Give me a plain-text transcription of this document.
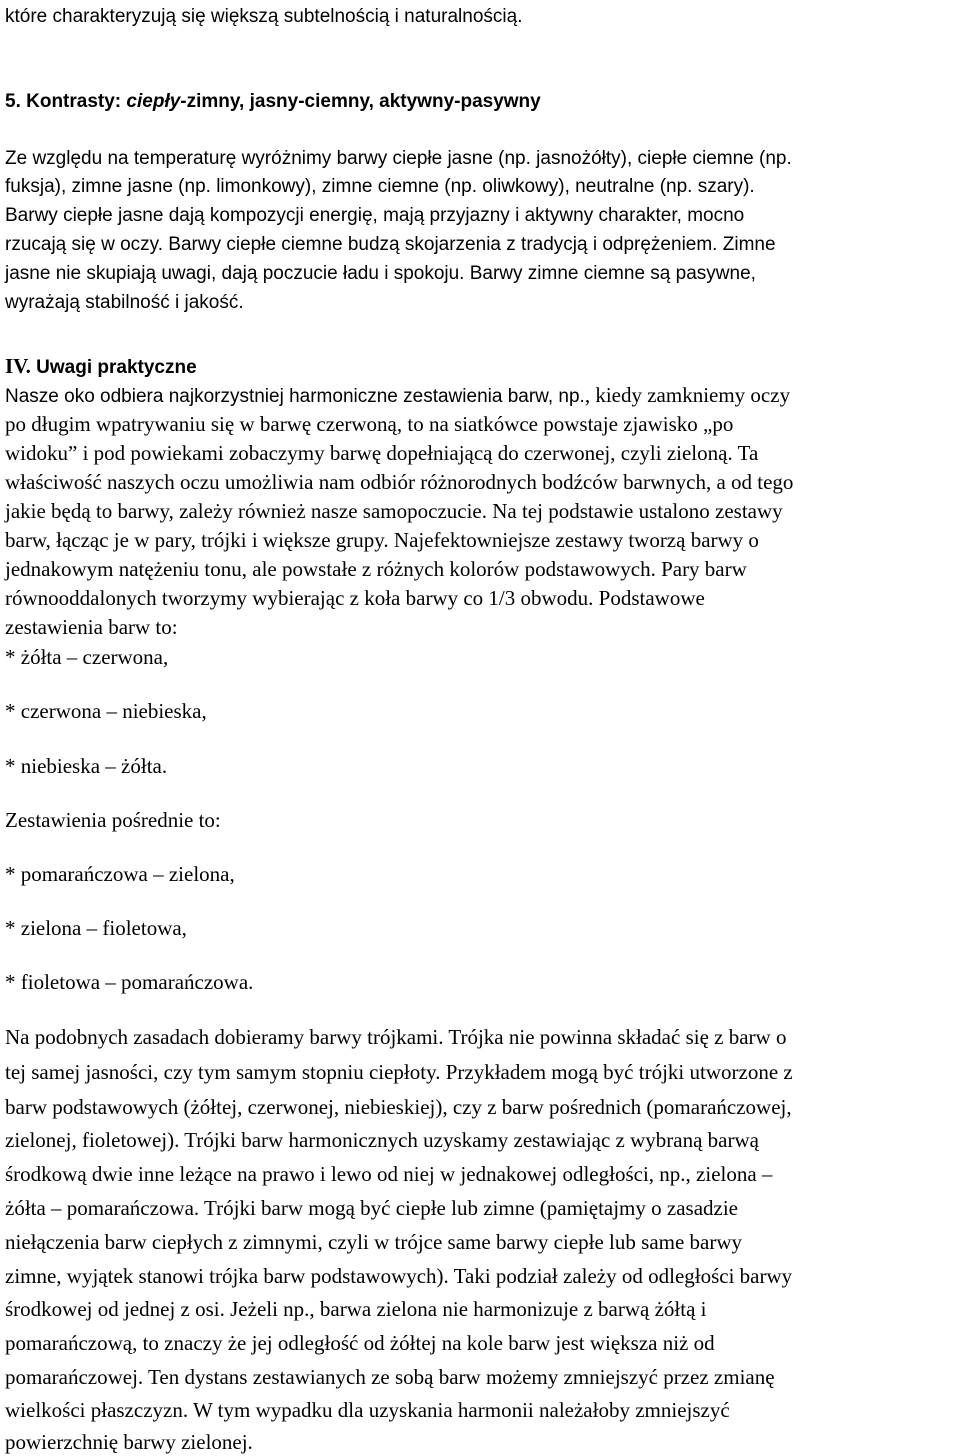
które charakteryzują się większą subtelnością i naturalnością.
5. Kontrasty: ciepły-zimny, jasny-ciemny, aktywny-pasywny
Ze względu na temperaturę wyróżnimy barwy ciepłe jasne (np. jasnożółty), ciepłe ciemne (np.
fuksja), zimne jasne (np. limonkowy), zimne ciemne (np. oliwkowy), neutralne (np. szary).
Barwy ciepłe jasne dają kompozycji energię, mają przyjazny i aktywny charakter, mocno
rzucają się w oczy. Barwy ciepłe ciemne budzą skojarzenia z tradycją i odprężeniem. Zimne
jasne nie skupiają uwagi, dają poczucie ładu i spokoju. Barwy zimne ciemne są pasywne,
wyrażają stabilność i jakość.
IV. Uwagi praktyczne
Nasze oko odbiera najkorzystniej harmoniczne zestawienia barw, np., kiedy zamkniemy oczy
po długim wpatrywaniu się w barwę czerwoną, to na siatkówce powstaje zjawisko „po
widoku” i pod powiekami zobaczymy barwę dopełniającą do czerwonej, czyli zieloną. Ta
właściwość naszych oczu umożliwia nam odbiór różnorodnych bodźców barwnych, a od tego
jakie będą to barwy, zależy również nasze samopoczucie. Na tej podstawie ustalono zestawy
barw, łącząc je w pary, trójki i większe grupy. Najefektowniejsze zestawy tworzą barwy o
jednakowym natężeniu tonu, ale powstałe z różnych kolorów podstawowych. Pary barw
równooddalonych tworzymy wybierając z koła barwy co 1/3 obwodu. Podstawowe
zestawienia barw to:
* żółta – czerwona,
* czerwona – niebieska,
* niebieska – żółta.
Zestawienia pośrednie to:
* pomarańczowa – zielona,
* zielona – fioletowa,
* fioletowa – pomarańczowa.
Na podobnych zasadach dobieramy barwy trójkami. Trójka nie powinna składać się z barw o
tej samej jasności, czy tym samym stopniu ciepłoty. Przykładem mogą być trójki utworzone z
barw podstawowych (żółtej, czerwonej, niebieskiej), czy z barw pośrednich (pomarańczowej,
zielonej, fioletowej). Trójki barw harmonicznych uzyskamy zestawiając z wybraną barwą
środkową dwie inne leżące na prawo i lewo od niej w jednakowej odległości, np., zielona –
żółta – pomarańczowa. Trójki barw mogą być ciepłe lub zimne (pamiętajmy o zasadzie
niełączenia barw ciepłych z zimnymi, czyli w trójce same barwy ciepłe lub same barwy
zimne, wyjątek stanowi trójka barw podstawowych). Taki podział zależy od odległości barwy
środkowej od jednej z osi. Jeżeli np., barwa zielona nie harmonizuje z barwą żółtą i
pomarańczową, to znaczy że jej odległość od żółtej na kole barw jest większa niż od
pomarańczowej. Ten dystans zestawianych ze sobą barw możemy zmniejszyć przez zmianę
wielkości płaszczyzn. W tym wypadku dla uzyskania harmonii należałoby zmniejszyć
powierzchnię barwy zielonej.
